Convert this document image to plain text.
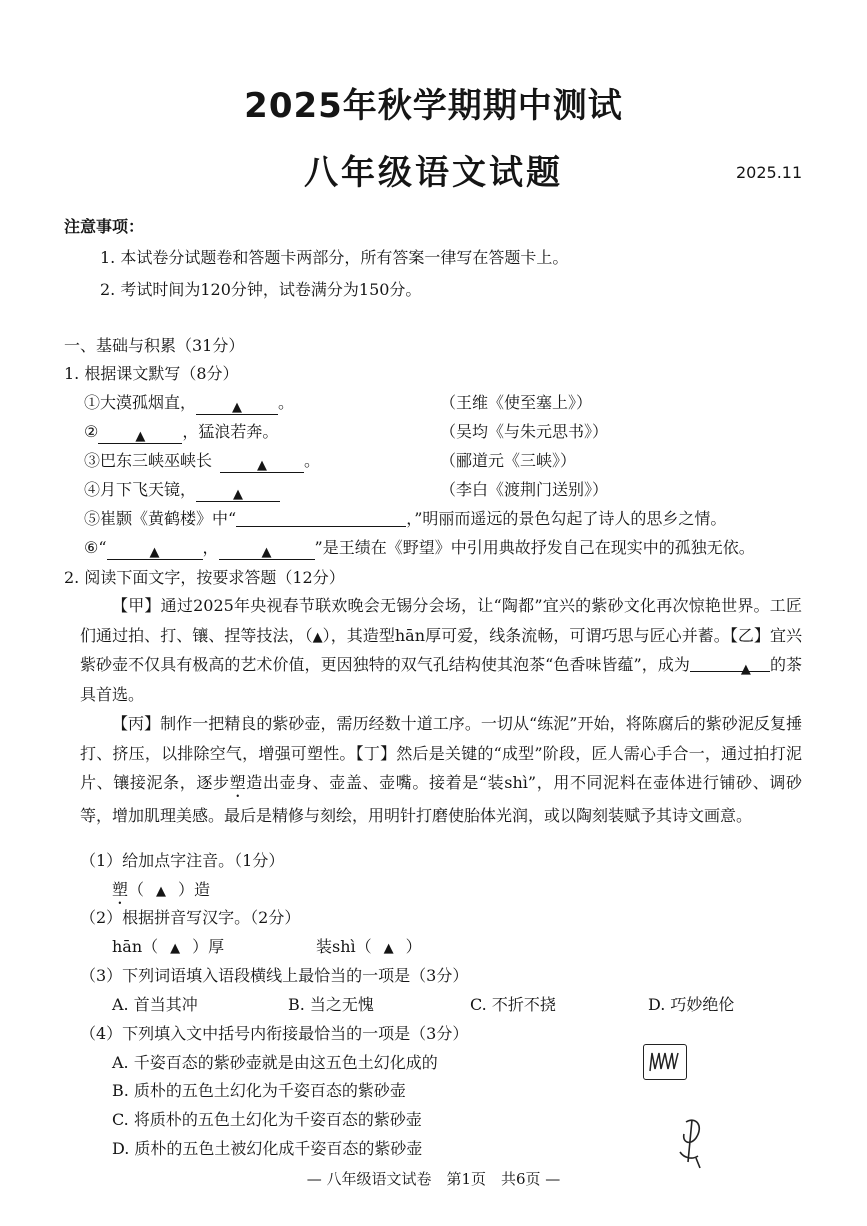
2025年秋学期期中测试
八年级语文试题	2025.11
注意事项：
1. 本试卷分试题卷和答题卡两部分，所有答案一律写在答题卡上。
2. 考试时间为120分钟，试卷满分为150分。
一、基础与积累（31分）
1. 根据课文默写（8分）
①大漠孤烟直，	▲ 。	（王维《使至塞上》）
②	▲ ，猛浪若奔。	（吴均《与朱元思书》）
③巴东三峡巫峡长	▲ 。	（郦道元《三峡》）
④月下飞天镜，	▲	（李白《渡荆门送别》）
⑤崔颢《黄鹤楼》中“	，”明丽而遥远的景色勾起了诗人的思乡之情。
⑥“	▲	，	▲	”是王绩在《野望》中引用典故抒发自己在现实中的孤独无依。
2. 阅读下面文字，按要求答题（12分）

【甲】通过2025年央视春节联欢晚会无锡分会场，让“陶都”宜兴的紫砂文化再次惊艳世界。工匠们通过拍、打、镶、捏等技法，（▲），其造型hān厚可爱，线条流畅，可谓巧思与匠心并蓄。【乙】宜兴紫砂壶不仅具有极高的艺术价值，更因独特的双气孔结构使其泡茶“色香味皆蕴”，成为	▲ 的茶具首选。

【丙】制作一把精良的紫砂壶，需历经数十道工序。一切从“练泥”开始，将陈腐后的紫砂泥反复捶打、挤压，以排除空气，增强可塑性。【丁】然后是关键的“成型”阶段，匠人需心手合一，通过拍打泥片、镶接泥条，逐步塑造出壶身、壶盖、壶嘴。接着是“装shì”，用不同泥料在壶体进行铺砂、调砂等，增加肌理美感。最后是精修与刻绘，用明针打磨使胎体光润，或以陶刻装赋予其诗文画意。

（1）给加点字注音。（1分）
塑（ ▲ ）造
（2）根据拼音写汉字。（2分）
hān（ ▲ ）厚	装shì（ ▲ ）
（3）下列词语填入语段横线上最恰当的一项是（3分）
A. 首当其冲	B. 当之无愧	C. 不折不挠	D. 巧妙绝伦
（4）下列填入文中括号内衔接最恰当的一项是（3分）
A. 千姿百态的紫砂壶就是由这五色土幻化成的
B. 质朴的五色土幻化为千姿百态的紫砂壶
C. 将质朴的五色土幻化为千姿百态的紫砂壶
D. 质朴的五色土被幻化成千姿百态的紫砂壶
— 八年级语文试卷　第1页　共6页 —
